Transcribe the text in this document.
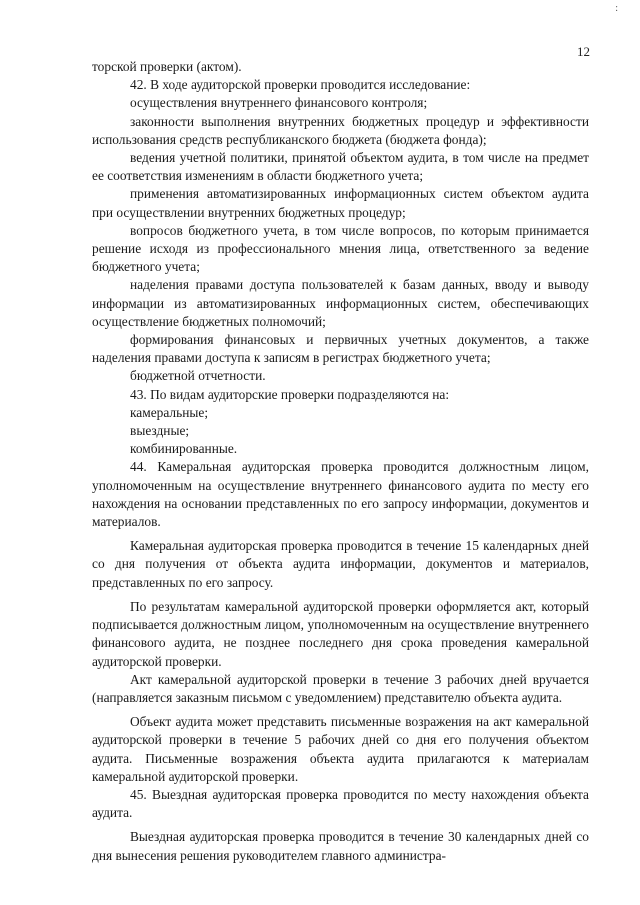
:
12

торской проверки (актом).

42. В ходе аудиторской проверки проводится исследование:

осуществления внутреннего финансового контроля;

законности выполнения внутренних бюджетных процедур и эффективности использования средств республиканского бюджета (бюджета фонда);

ведения учетной политики, принятой объектом аудита, в том числе на предмет ее соответствия изменениям в области бюджетного учета;

применения автоматизированных информационных систем объектом аудита при осуществлении внутренних бюджетных процедур;

вопросов бюджетного учета, в том числе вопросов, по которым принимается решение исходя из профессионального мнения лица, ответственного за ведение бюджетного учета;

наделения правами доступа пользователей к базам данных, вводу и выводу информации из автоматизированных информационных систем, обеспечивающих осуществление бюджетных полномочий;

формирования финансовых и первичных учетных документов, а также наделения правами доступа к записям в регистрах бюджетного учета;

бюджетной отчетности.

43. По видам аудиторские проверки подразделяются на:

камеральные;

выездные;

комбинированные.

44. Камеральная аудиторская проверка проводится должностным лицом, уполномоченным на осуществление внутреннего финансового аудита по месту его нахождения на основании представленных по его запросу информации, документов и материалов.

Камеральная аудиторская проверка проводится в течение 15 календарных дней со дня получения от объекта аудита информации, документов и материалов, представленных по его запросу.

По результатам камеральной аудиторской проверки оформляется акт, который подписывается должностным лицом, уполномоченным на осуществление внутреннего финансового аудита, не позднее последнего дня срока проведения камеральной аудиторской проверки.

Акт камеральной аудиторской проверки в течение 3 рабочих дней вручается (направляется заказным письмом с уведомлением) представителю объекта аудита.

Объект аудита может представить письменные возражения на акт камеральной аудиторской проверки в течение 5 рабочих дней со дня его получения объектом аудита. Письменные возражения объекта аудита прилагаются к материалам камеральной аудиторской проверки.

45. Выездная аудиторская проверка проводится по месту нахождения объекта аудита.

Выездная аудиторская проверка проводится в течение 30 календарных дней со дня вынесения решения руководителем главного администра-
